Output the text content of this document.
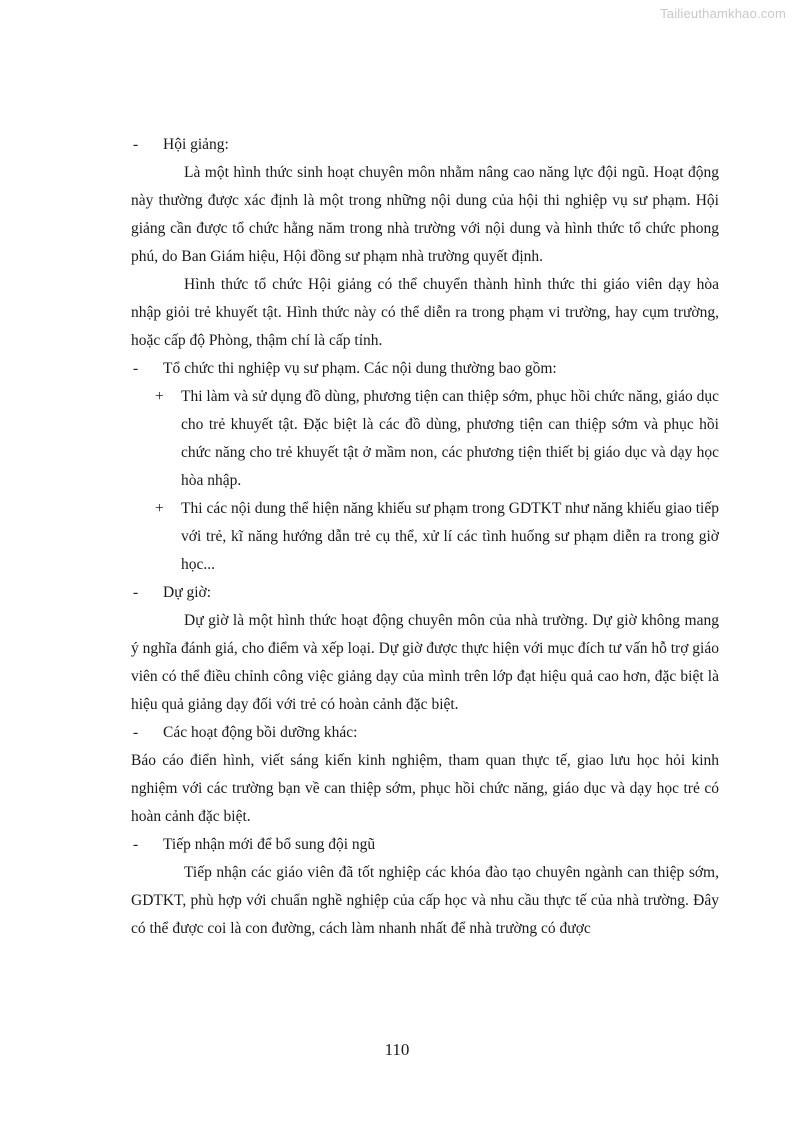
Tailieuthamkhao.com

- Hội giảng:

Là một hình thức sinh hoạt chuyên môn nhằm nâng cao năng lực đội ngũ. Hoạt động này thường được xác định là một trong những nội dung của hội thi nghiệp vụ sư phạm. Hội giảng cần được tổ chức hằng năm trong nhà trường với nội dung và hình thức tổ chức phong phú, do Ban Giám hiệu, Hội đồng sư phạm nhà trường quyết định.

Hình thức tổ chức Hội giảng có thể chuyển thành hình thức thi giáo viên dạy hòa nhập giỏi trẻ khuyết tật. Hình thức này có thể diễn ra trong phạm vi trường, hay cụm trường, hoặc cấp độ Phòng, thậm chí là cấp tỉnh.

- Tổ chức thi nghiệp vụ sư phạm. Các nội dung thường bao gồm:

+ Thi làm và sử dụng đồ dùng, phương tiện can thiệp sớm, phục hồi chức năng, giáo dục cho trẻ khuyết tật. Đặc biệt là các đồ dùng, phương tiện can thiệp sớm và phục hồi chức năng cho trẻ khuyết tật ở mầm non, các phương tiện thiết bị giáo dục và dạy học hòa nhập.

+ Thi các nội dung thể hiện năng khiếu sư phạm trong GDTKT như năng khiếu giao tiếp với trẻ, kĩ năng hướng dẫn trẻ cụ thể, xử lí các tình huống sư phạm diễn ra trong giờ học...

- Dự giờ:

Dự giờ là một hình thức hoạt động chuyên môn của nhà trường. Dự giờ không mang ý nghĩa đánh giá, cho điểm và xếp loại. Dự giờ được thực hiện với mục đích tư vấn hỗ trợ giáo viên có thể điều chỉnh công việc giảng dạy của mình trên lớp đạt hiệu quả cao hơn, đặc biệt là hiệu quả giảng dạy đối với trẻ có hoàn cảnh đặc biệt.

- Các hoạt động bồi dưỡng khác:

Báo cáo điển hình, viết sáng kiến kinh nghiệm, tham quan thực tế, giao lưu học hỏi kinh nghiệm với các trường bạn về can thiệp sớm, phục hồi chức năng, giáo dục và dạy học trẻ có hoàn cảnh đặc biệt.

- Tiếp nhận mới để bổ sung đội ngũ

Tiếp nhận các giáo viên đã tốt nghiệp các khóa đào tạo chuyên ngành can thiệp sớm, GDTKT, phù hợp với chuẩn nghề nghiệp của cấp học và nhu cầu thực tế của nhà trường. Đây có thể được coi là con đường, cách làm nhanh nhất để nhà trường có được

110
